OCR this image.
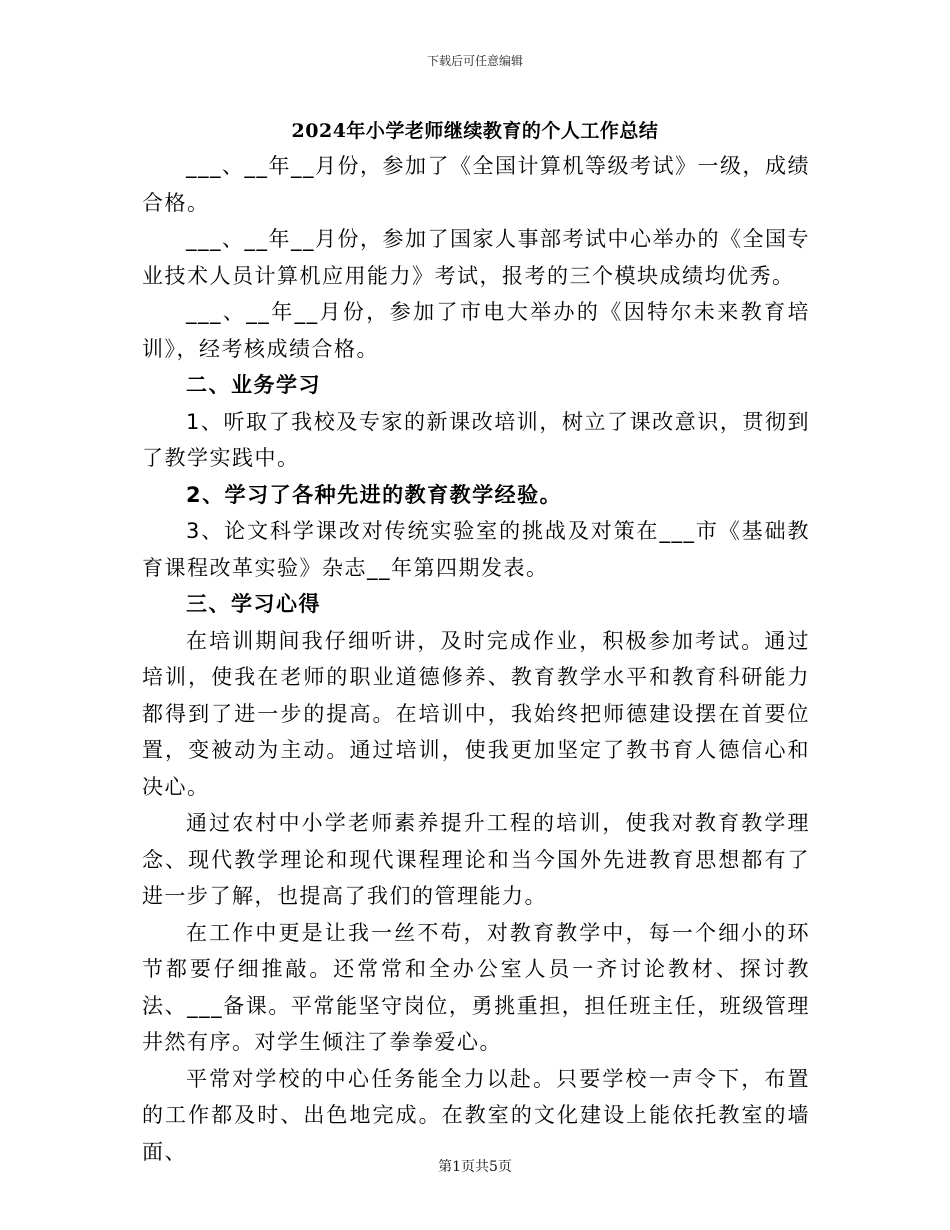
下载后可任意编辑
2024年小学老师继续教育的个人工作总结

___、__年__月份，参加了《全国计算机等级考试》一级，成绩合格。

___、__年__月份，参加了国家人事部考试中心举办的《全国专业技术人员计算机应用能力》考试，报考的三个模块成绩均优秀。

___、__年__月份，参加了市电大举办的《因特尔未来教育培训》，经考核成绩合格。

二、业务学习

1、听取了我校及专家的新课改培训，树立了课改意识，贯彻到了教学实践中。

2、学习了各种先进的教育教学经验。

3、论文科学课改对传统实验室的挑战及对策在___市《基础教育课程改革实验》杂志__年第四期发表。

三、学习心得

在培训期间我仔细听讲，及时完成作业，积极参加考试。通过培训，使我在老师的职业道德修养、教育教学水平和教育科研能力都得到了进一步的提高。在培训中，我始终把师德建设摆在首要位置，变被动为主动。通过培训，使我更加坚定了教书育人德信心和决心。

通过农村中小学老师素养提升工程的培训，使我对教育教学理念、现代教学理论和现代课程理论和当今国外先进教育思想都有了进一步了解，也提高了我们的管理能力。

在工作中更是让我一丝不苟，对教育教学中，每一个细小的环节都要仔细推敲。还常常和全办公室人员一齐讨论教材、探讨教法、___备课。平常能坚守岗位，勇挑重担，担任班主任，班级管理井然有序。对学生倾注了拳拳爱心。

平常对学校的中心任务能全力以赴。只要学校一声令下，布置的工作都及时、出色地完成。在教室的文化建设上能依托教室的墙面、

第1页共5页
